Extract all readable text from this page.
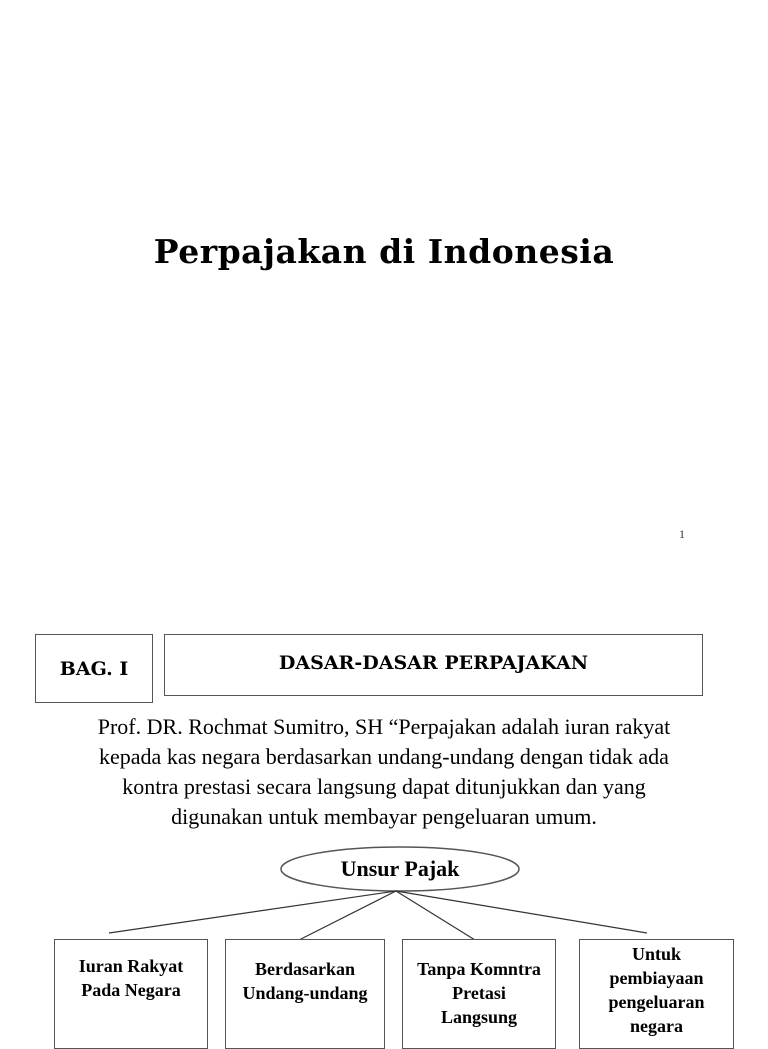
Perpajakan di Indonesia
1
BAG. I	DASAR-DASAR PERPAJAKAN
Prof. DR. Rochmat Sumitro, SH “Perpajakan adalah iuran rakyat
kepada kas negara berdasarkan undang-undang dengan tidak ada
kontra prestasi secara langsung dapat ditunjukkan dan yang
digunakan untuk membayar pengeluaran umum.
Unsur Pajak
Iuran Rakyat
Pada Negara
Berdasarkan
Undang-undang
Tanpa Komntra
Pretasi
Langsung
Untuk
pembiayaan
pengeluaran
negara
